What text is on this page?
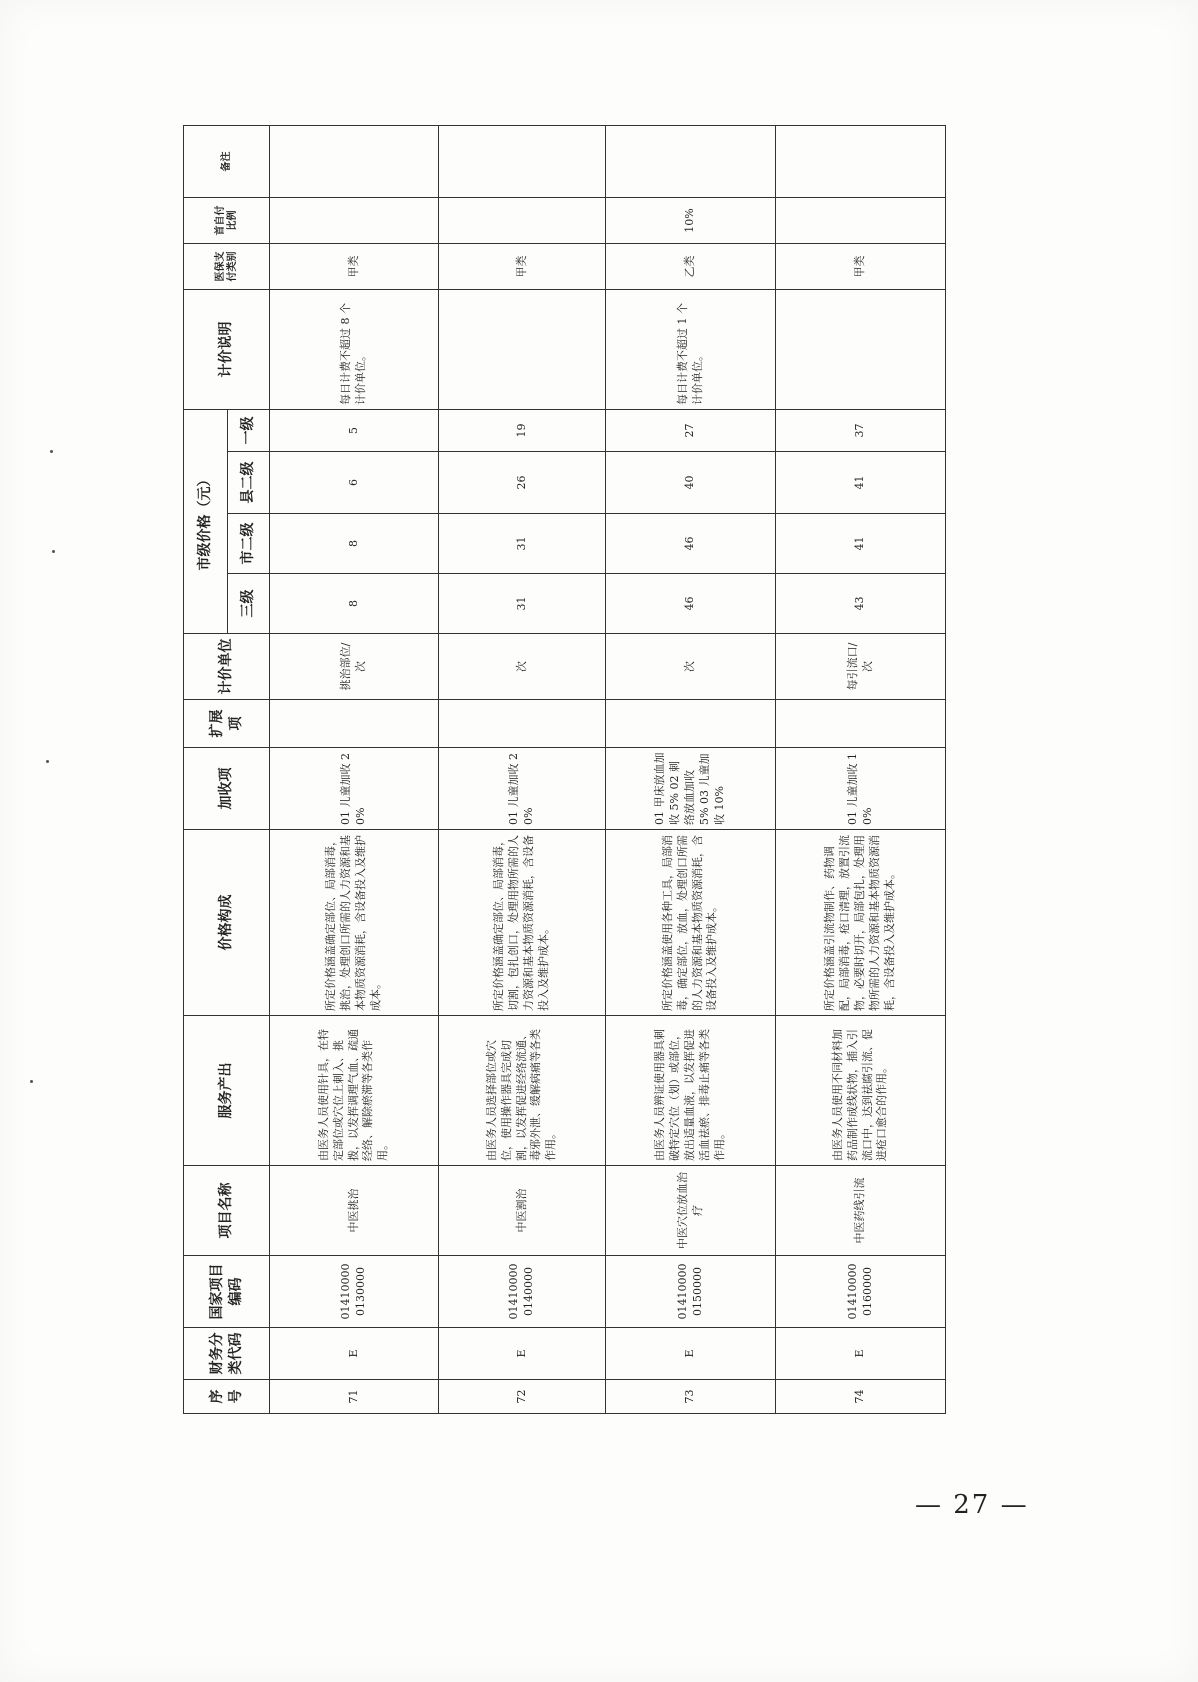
序号	财务分类代码	国家项目编码	项目名称	服务产出	价格构成	加收项	扩展项	计价单位	市级价格（元）				计价说明	医保支付类别	首自付比例	备注
									三级	市二级	县二级	一级				
71	E	01410000 0130000	中医挑治	由医务人员使用针具，在特定部位或穴位上刺入、挑拨，以发挥调理气血、疏通经络、解除瘀滞等各类作用。	所定价格涵盖确定部位、局部消毒，挑治，处理创口所需的人力资源和基本物质资源消耗，含设备投入及维护成本。	01 儿童加收 20%		挑治部位/次	8	8	6	5	每日计费不超过 8 个计价单位。	甲类		
72	E	01410000 0140000	中医割治	由医务人员选择部位或穴位，使用操作器具完成切割，以发挥促进经络流通、毒邪外泄、缓解病痛等各类作用。	所定价格涵盖确定部位、局部消毒，切割，包扎创口，处理用物所需的人力资源和基本物质资源消耗，含设备投入及维护成本。	01 儿童加收 20%		次	31	31	26	19		甲类		
73	E	01410000 0150000	中医穴位放血治疗	由医务人员辨证使用器具刺破特定穴位（划）或部位，放出适量血液，以发挥促进活血祛瘀、排毒止痛等各类作用。	所定价格涵盖使用各种工具，局部消毒，确定部位，放血，处理创口所需的人力资源和基本物质资源消耗，含设备投入及维护成本。	01 甲床放血加收 5% 02 刺络放血加收 5% 03 儿童加收 10%		次	46	46	40	27	每日计费不超过 1 个计价单位。	乙类	10%	
74	E	01410000 0160000	中医药线引流	由医务人员使用不同材料加药品制作成线状物，插入引流口中，达到祛腐引流、促进疮口愈合的作用。	所定价格涵盖引流物制作、药物调配，局部消毒，疮口清理，放置引流物，必要时切开，局部包扎，处理用物所需的人力资源和基本物质资源消耗，含设备投入及维护成本。	01 儿童加收 10%		每引流口/次	43	41	41	37		甲类		
— 27 —
